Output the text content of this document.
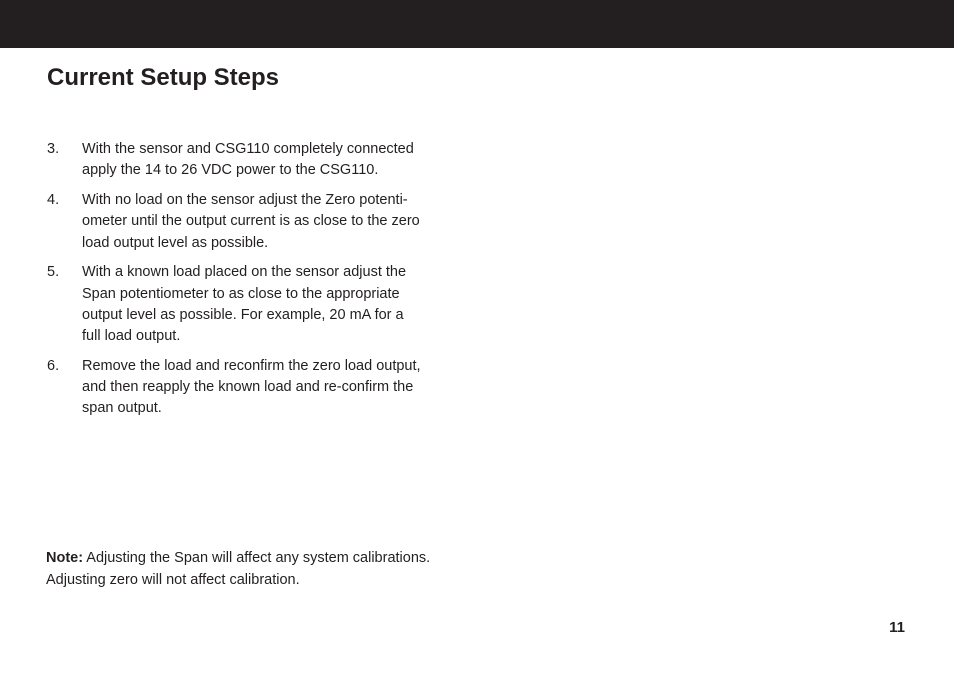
Current Setup Steps
3.	With the sensor and CSG110 completely connected
apply the 14 to 26 VDC power to the CSG110.
4.	With no load on the sensor adjust the Zero potenti-
ometer until the output current is as close to the zero
load output level as possible.
5.	With a known load placed on the sensor adjust the
Span potentiometer to as close to the appropriate
output level as possible. For example, 20 mA for a
full load output.
6.	Remove the load and reconfirm the zero load output,
and then reapply the known load and re-confirm the
span output.

Note: Adjusting the Span will affect any system calibrations.
Adjusting zero will not affect calibration.

11
